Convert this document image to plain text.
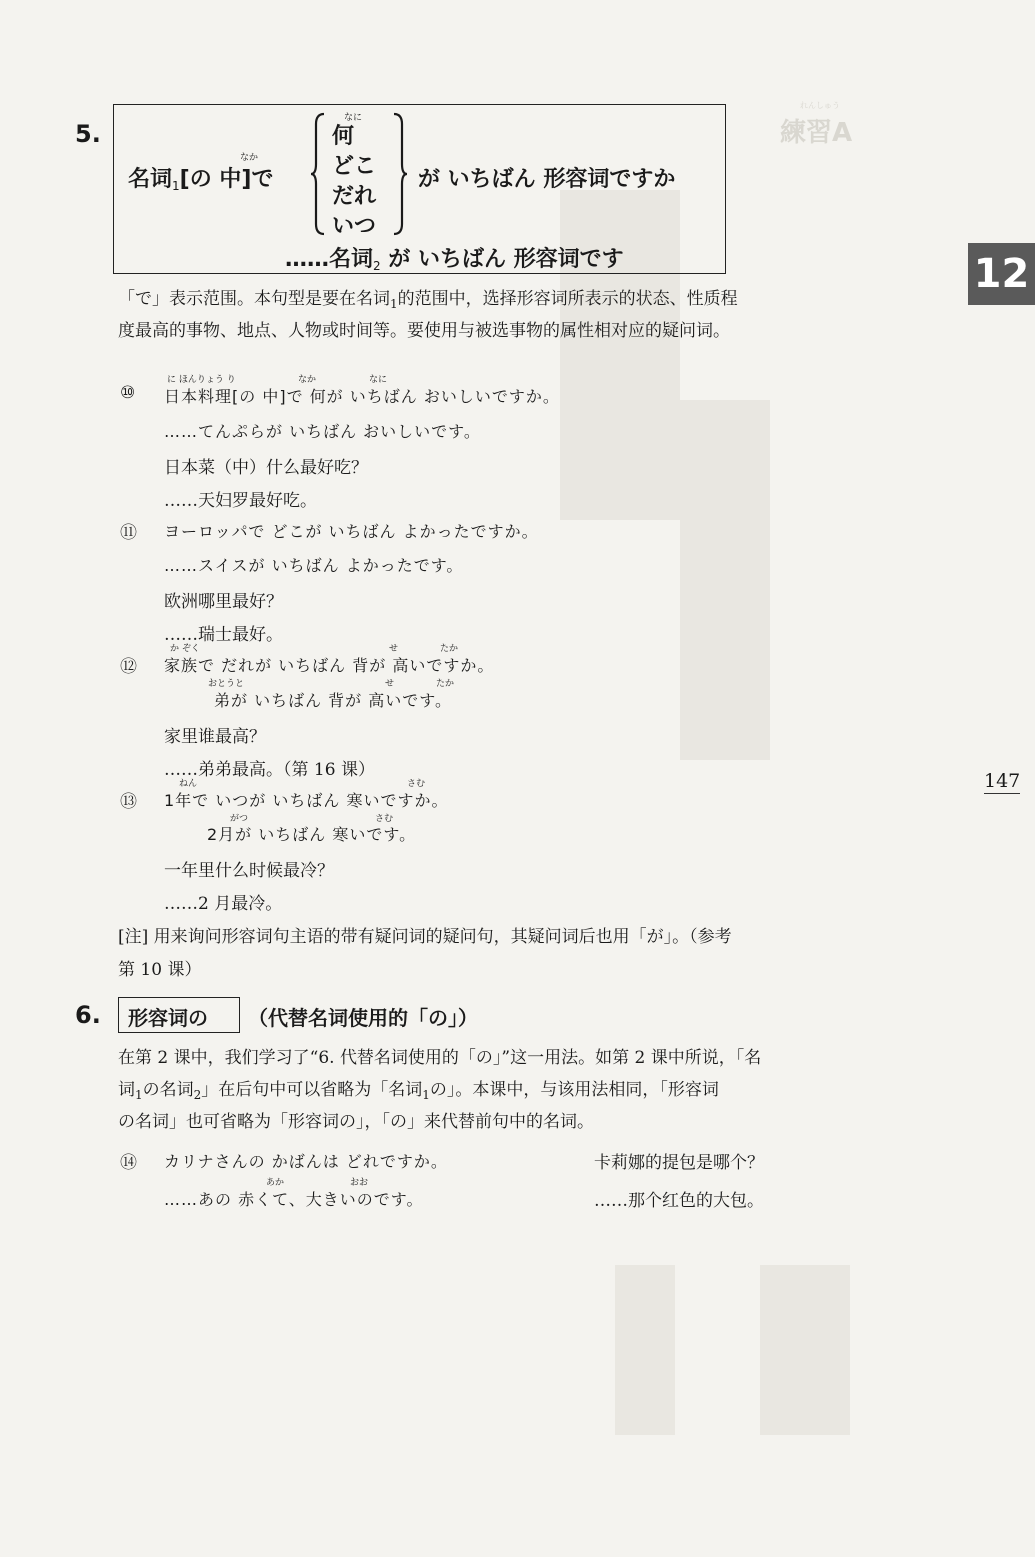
練習A
れんしゅう
12
147
5.
名词$_1$[の 中]で
なか
なに
何
どこ
だれ
いつ
が いちばん 形容词ですか
……名词$_2$ が いちばん 形容词です
「で」表示范围。本句型是要在名词$_1$的范围中，选择形容词所表示的状态、性质程
度最高的事物、地点、人物或时间等。要使用与被选事物的属性相对应的疑问词。
⑩
に ほんりょう り	なか	なに
日本料理[の 中]で 何が いちばん おいしいですか。
……てんぷらが いちばん おいしいです。
日本菜（中）什么最好吃？
……天妇罗最好吃。
⑪ ヨーロッパで どこが いちばん よかったですか。
……スイスが いちばん よかったです。
欧洲哪里最好？
……瑞士最好。
⑫
か ぞく	せ	たか
家族で だれが いちばん 背が 高いですか。
おとうと	せ	たか
弟が いちばん 背が 高いです。
家里谁最高？
……弟弟最高。（第 16 课）
⑬
ねん	さむ
1年で いつが いちばん 寒いですか。
がつ	さむ
2月が いちばん 寒いです。
一年里什么时候最冷？
……2 月最冷。
[注] 用来询问形容词句主语的带有疑问词的疑问句，其疑问词后也用「が」。（参考
第 10 课）
6. 形容词の （代替名词使用的「の」）
在第 2 课中，我们学习了“6. 代替名词使用的「の」”这一用法。如第 2 课中所说，「名
词$_1$の名词$_2$」在后句中可以省略为「名词$_1$の」。本课中，与该用法相同，「形容词
の名词」也可省略为「形容词の」，「の」来代替前句中的名词。
⑭ カリナさんの かばんは どれですか。	卡莉娜的提包是哪个？
あか	おお
……あの 赤くて、大きいのです。	……那个红色的大包。
